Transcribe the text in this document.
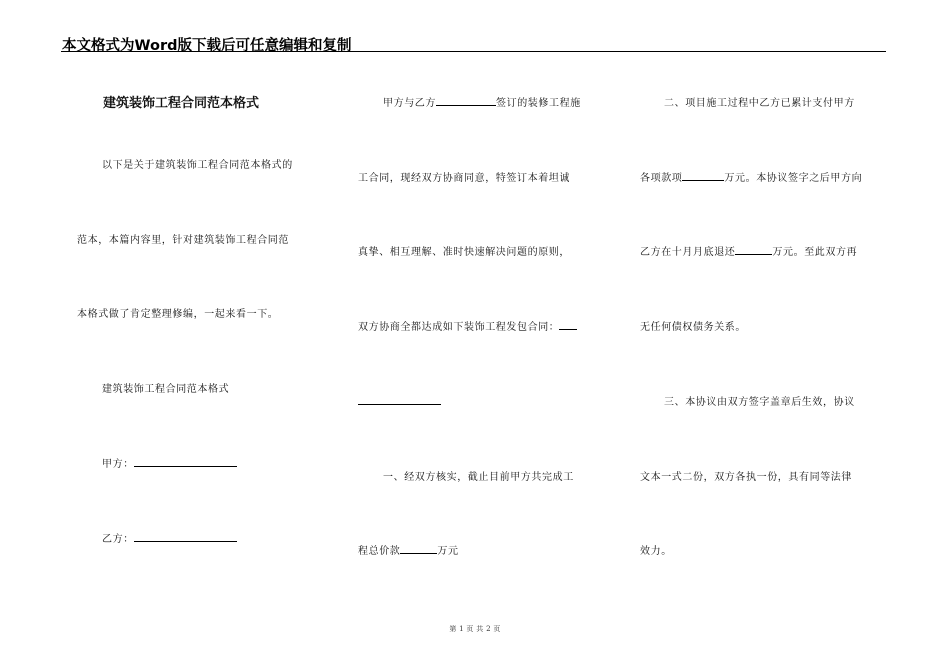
本文格式为Word版下载后可任意编辑和复制
建筑装饰工程合同范本格式
以下是关于建筑装饰工程合同范本格式的
范本，本篇内容里，针对建筑装饰工程合同范
本格式做了肯定整理修编，一起来看一下。
建筑装饰工程合同范本格式
甲方：
乙方：
甲方与乙方	签订的装修工程施
工合同，现经双方协商同意，特签订本着坦诚
真挚、相互理解、准时快速解决问题的原则，
双方协商全都达成如下装饰工程发包合同：
一、经双方核实，截止目前甲方共完成工
程总价款	万元
二、项目施工过程中乙方已累计支付甲方
各项款项	万元。本协议签字之后甲方向
乙方在十月月底退还	万元。至此双方再
无任何债权债务关系。
三、本协议由双方签字盖章后生效，协议
文本一式二份，双方各执一份，具有同等法律
效力。
第 1 页 共 2 页
